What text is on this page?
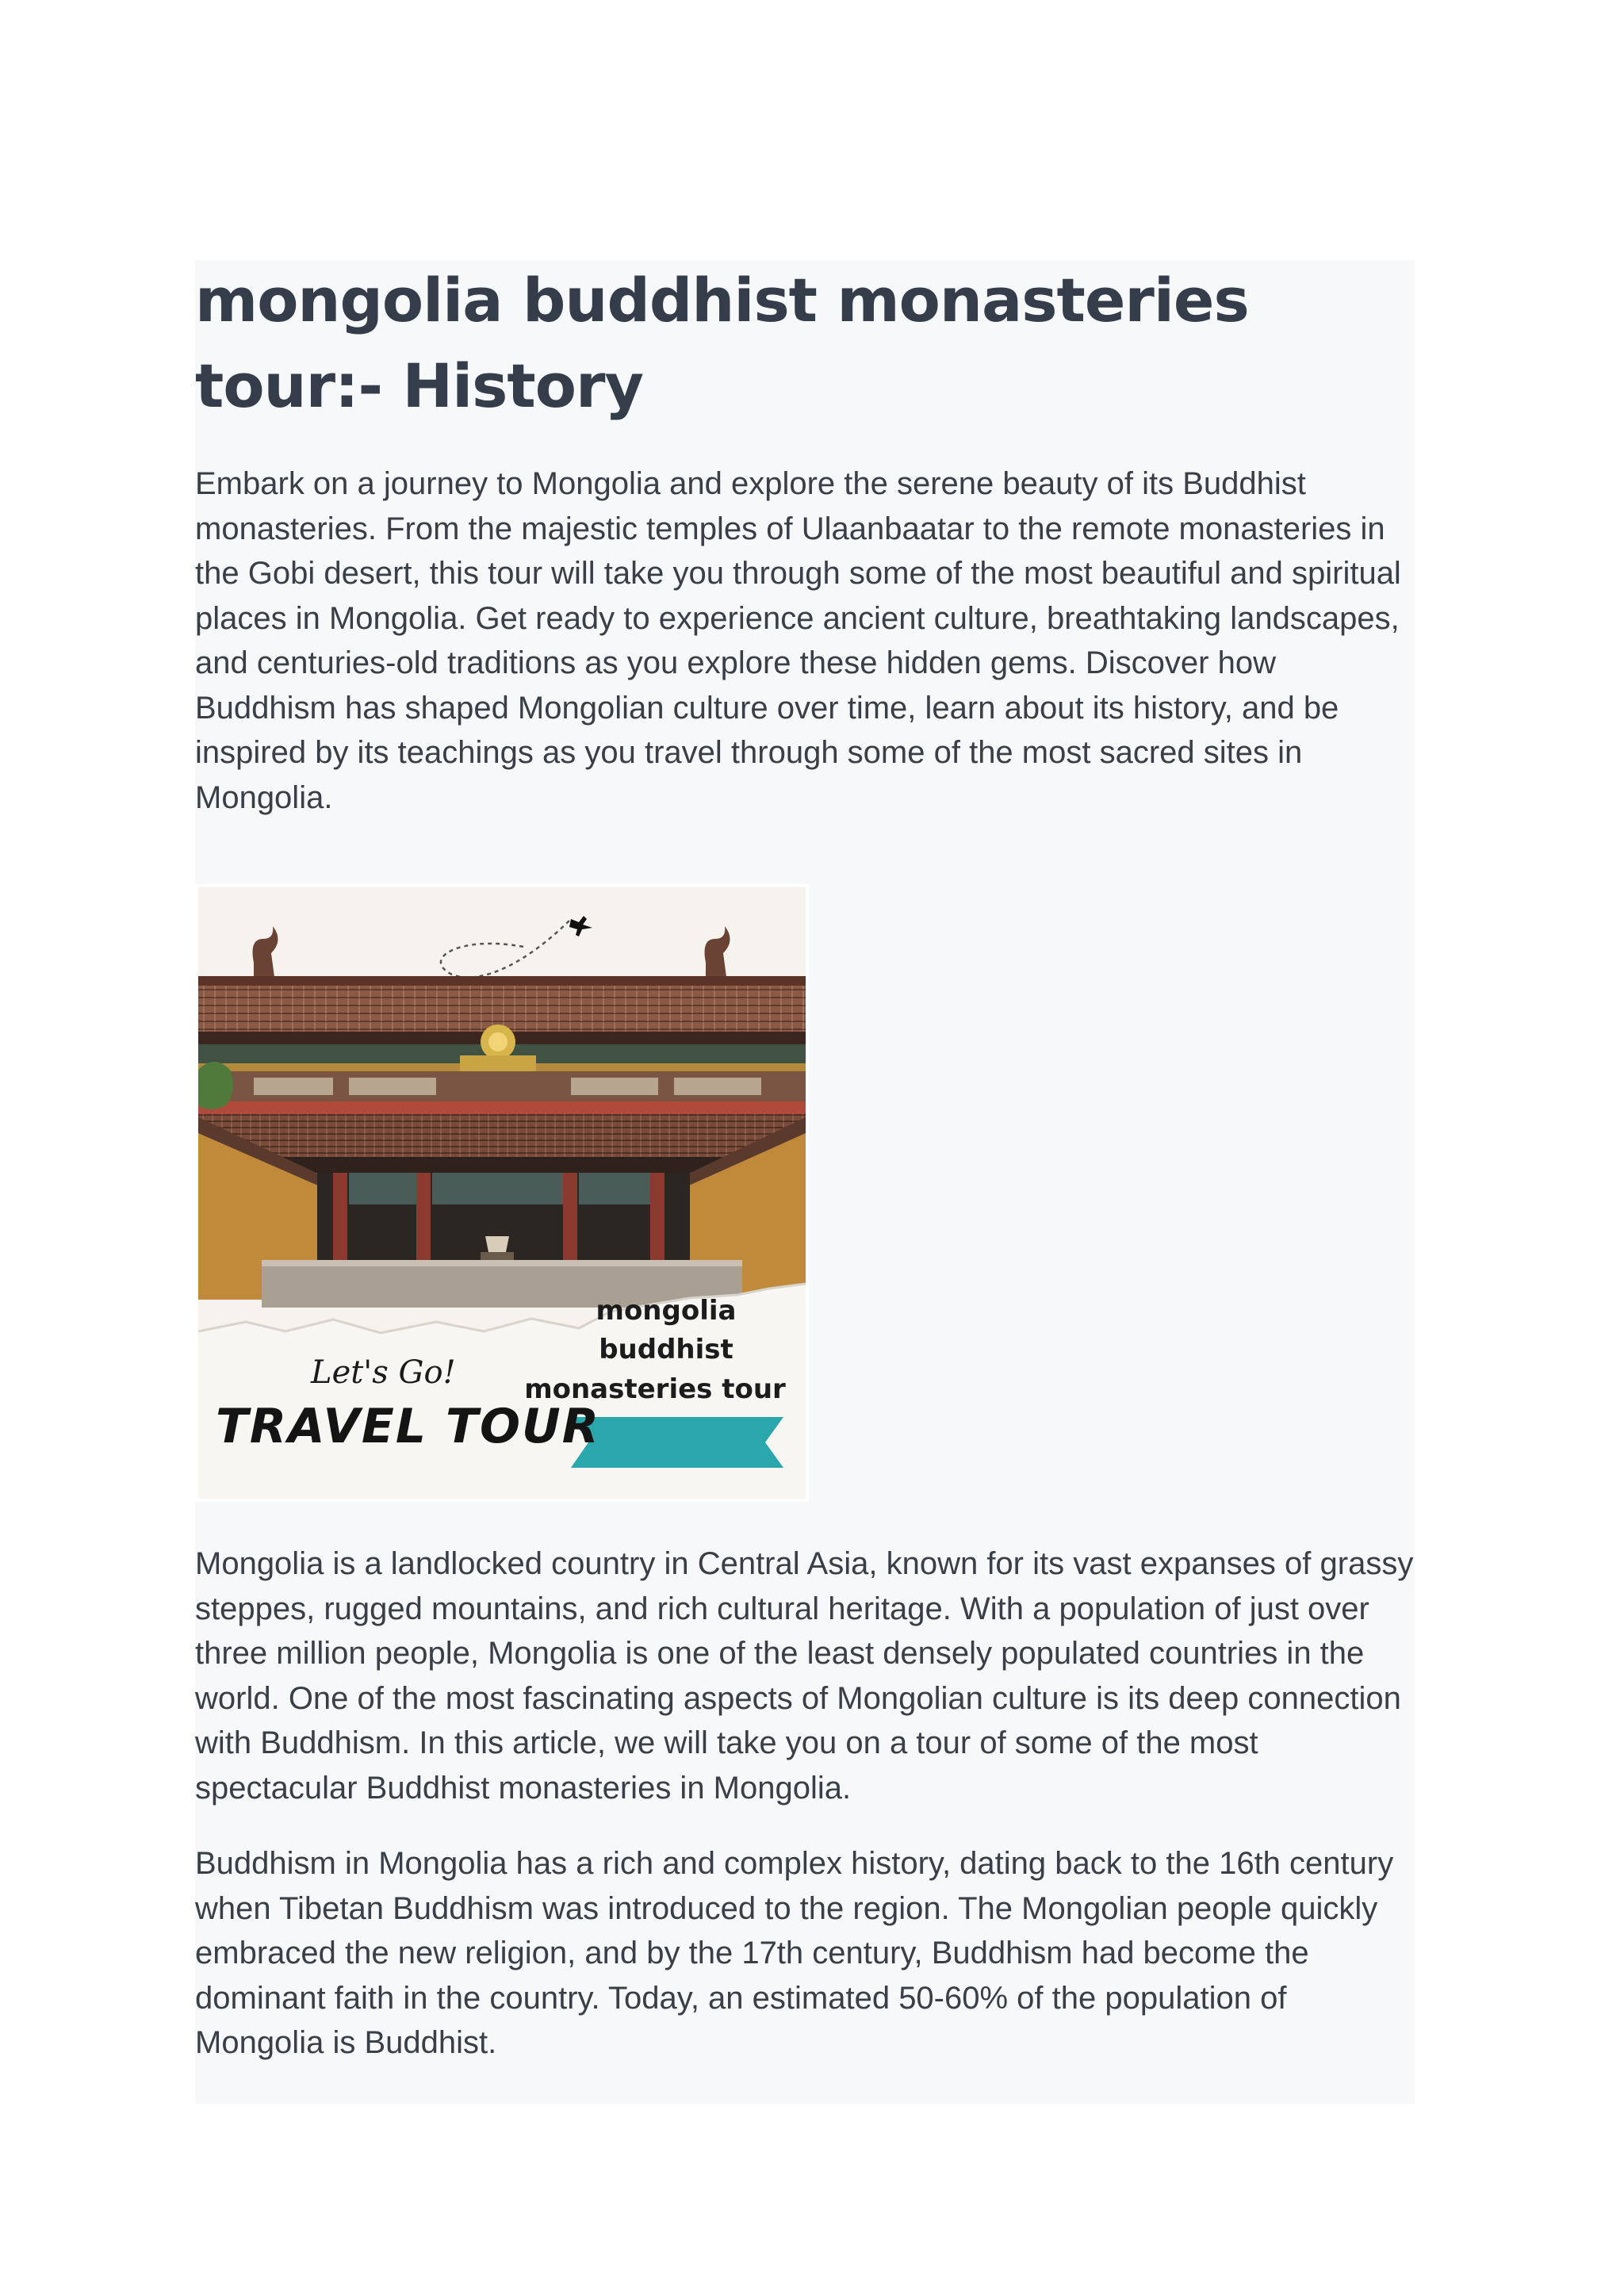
mongolia buddhist monasteries tour:- History

Embark on a journey to Mongolia and explore the serene beauty of its Buddhist monasteries. From the majestic temples of Ulaanbaatar to the remote monasteries in the Gobi desert, this tour will take you through some of the most beautiful and spiritual places in Mongolia. Get ready to experience ancient culture, breathtaking landscapes, and centuries-old traditions as you explore these hidden gems. Discover how Buddhism has shaped Mongolian culture over time, learn about its history, and be inspired by its teachings as you travel through some of the most sacred sites in Mongolia.

Let's Go!
TRAVEL TOUR
mongolia
buddhist
monasteries tour

Mongolia is a landlocked country in Central Asia, known for its vast expanses of grassy steppes, rugged mountains, and rich cultural heritage. With a population of just over three million people, Mongolia is one of the least densely populated countries in the world. One of the most fascinating aspects of Mongolian culture is its deep connection with Buddhism. In this article, we will take you on a tour of some of the most spectacular Buddhist monasteries in Mongolia.

Buddhism in Mongolia has a rich and complex history, dating back to the 16th century when Tibetan Buddhism was introduced to the region. The Mongolian people quickly embraced the new religion, and by the 17th century, Buddhism had become the dominant faith in the country. Today, an estimated 50-60% of the population of Mongolia is Buddhist.
